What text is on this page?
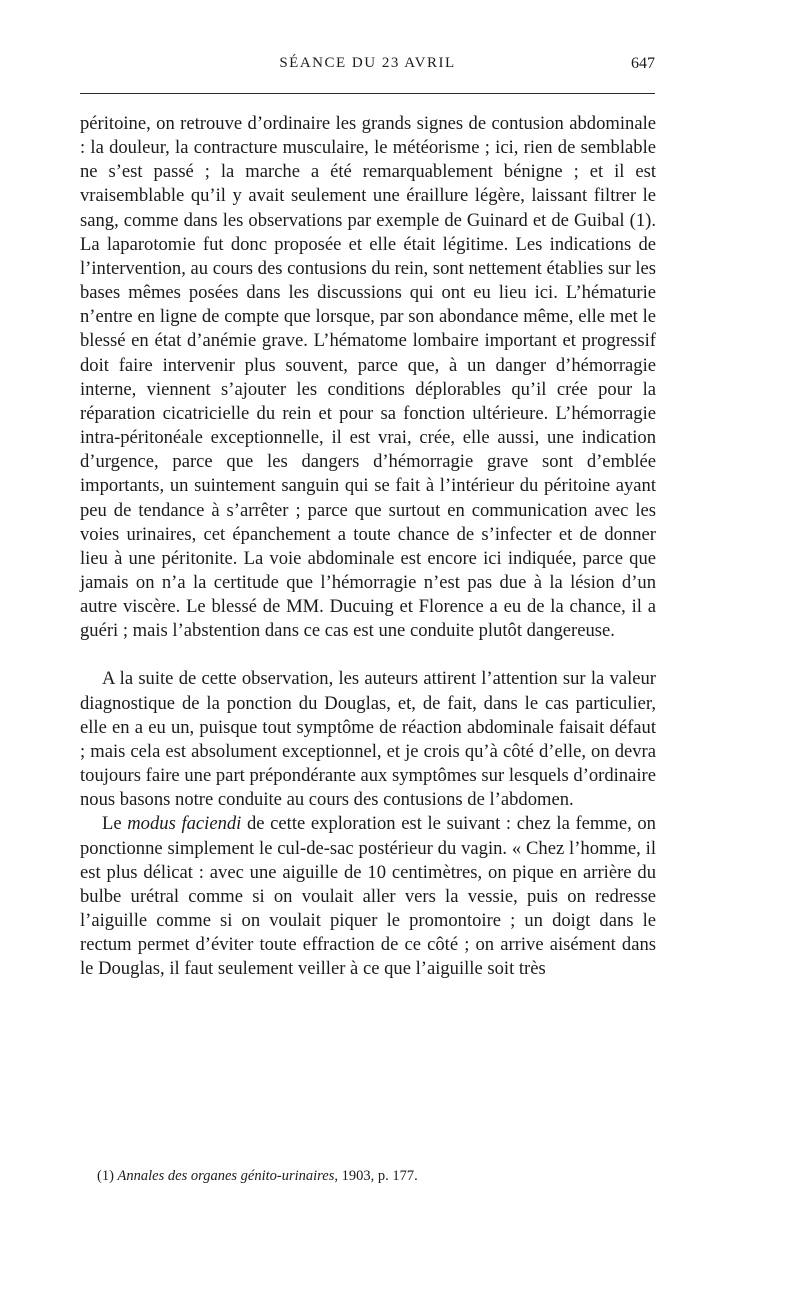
SÉANCE DU 23 AVRIL	647

péritoine, on retrouve d’ordinaire les grands signes de contusion abdominale : la douleur, la contracture musculaire, le météorisme ; ici, rien de semblable ne s’est passé ; la marche a été remarquablement bénigne ; et il est vraisemblable qu’il y avait seulement une éraillure légère, laissant filtrer le sang, comme dans les observations par exemple de Guinard et de Guibal (1). La laparotomie fut donc proposée et elle était légitime. Les indications de l’intervention, au cours des contusions du rein, sont nettement établies sur les bases mêmes posées dans les discussions qui ont eu lieu ici. L’hématurie n’entre en ligne de compte que lorsque, par son abondance même, elle met le blessé en état d’anémie grave. L’hématome lombaire important et progressif doit faire intervenir plus souvent, parce que, à un danger d’hémorragie interne, viennent s’ajouter les conditions déplorables qu’il crée pour la réparation cicatricielle du rein et pour sa fonction ultérieure. L’hémorragie intra-péritonéale exceptionnelle, il est vrai, crée, elle aussi, une indication d’urgence, parce que les dangers d’hémorragie grave sont d’emblée importants, un suintement sanguin qui se fait à l’intérieur du péritoine ayant peu de tendance à s’arrêter ; parce que surtout en communication avec les voies urinaires, cet épanchement a toute chance de s’infecter et de donner lieu à une péritonite. La voie abdominale est encore ici indiquée, parce que jamais on n’a la certitude que l’hémorragie n’est pas due à la lésion d’un autre viscère. Le blessé de MM. Ducuing et Florence a eu de la chance, il a guéri ; mais l’abstention dans ce cas est une conduite plutôt dangereuse.

A la suite de cette observation, les auteurs attirent l’attention sur la valeur diagnostique de la ponction du Douglas, et, de fait, dans le cas particulier, elle en a eu un, puisque tout symptôme de réaction abdominale faisait défaut ; mais cela est absolument exceptionnel, et je crois qu’à côté d’elle, on devra toujours faire une part prépondérante aux symptômes sur lesquels d’ordinaire nous basons notre conduite au cours des contusions de l’abdomen.

Le modus faciendi de cette exploration est le suivant : chez la femme, on ponctionne simplement le cul-de-sac postérieur du vagin. « Chez l’homme, il est plus délicat : avec une aiguille de 10 centimètres, on pique en arrière du bulbe urétral comme si on voulait aller vers la vessie, puis on redresse l’aiguille comme si on voulait piquer le promontoire ; un doigt dans le rectum permet d’éviter toute effraction de ce côté ; on arrive aisément dans le Douglas, il faut seulement veiller à ce que l’aiguille soit très

(1) Annales des organes génito-urinaires, 1903, p. 177.
